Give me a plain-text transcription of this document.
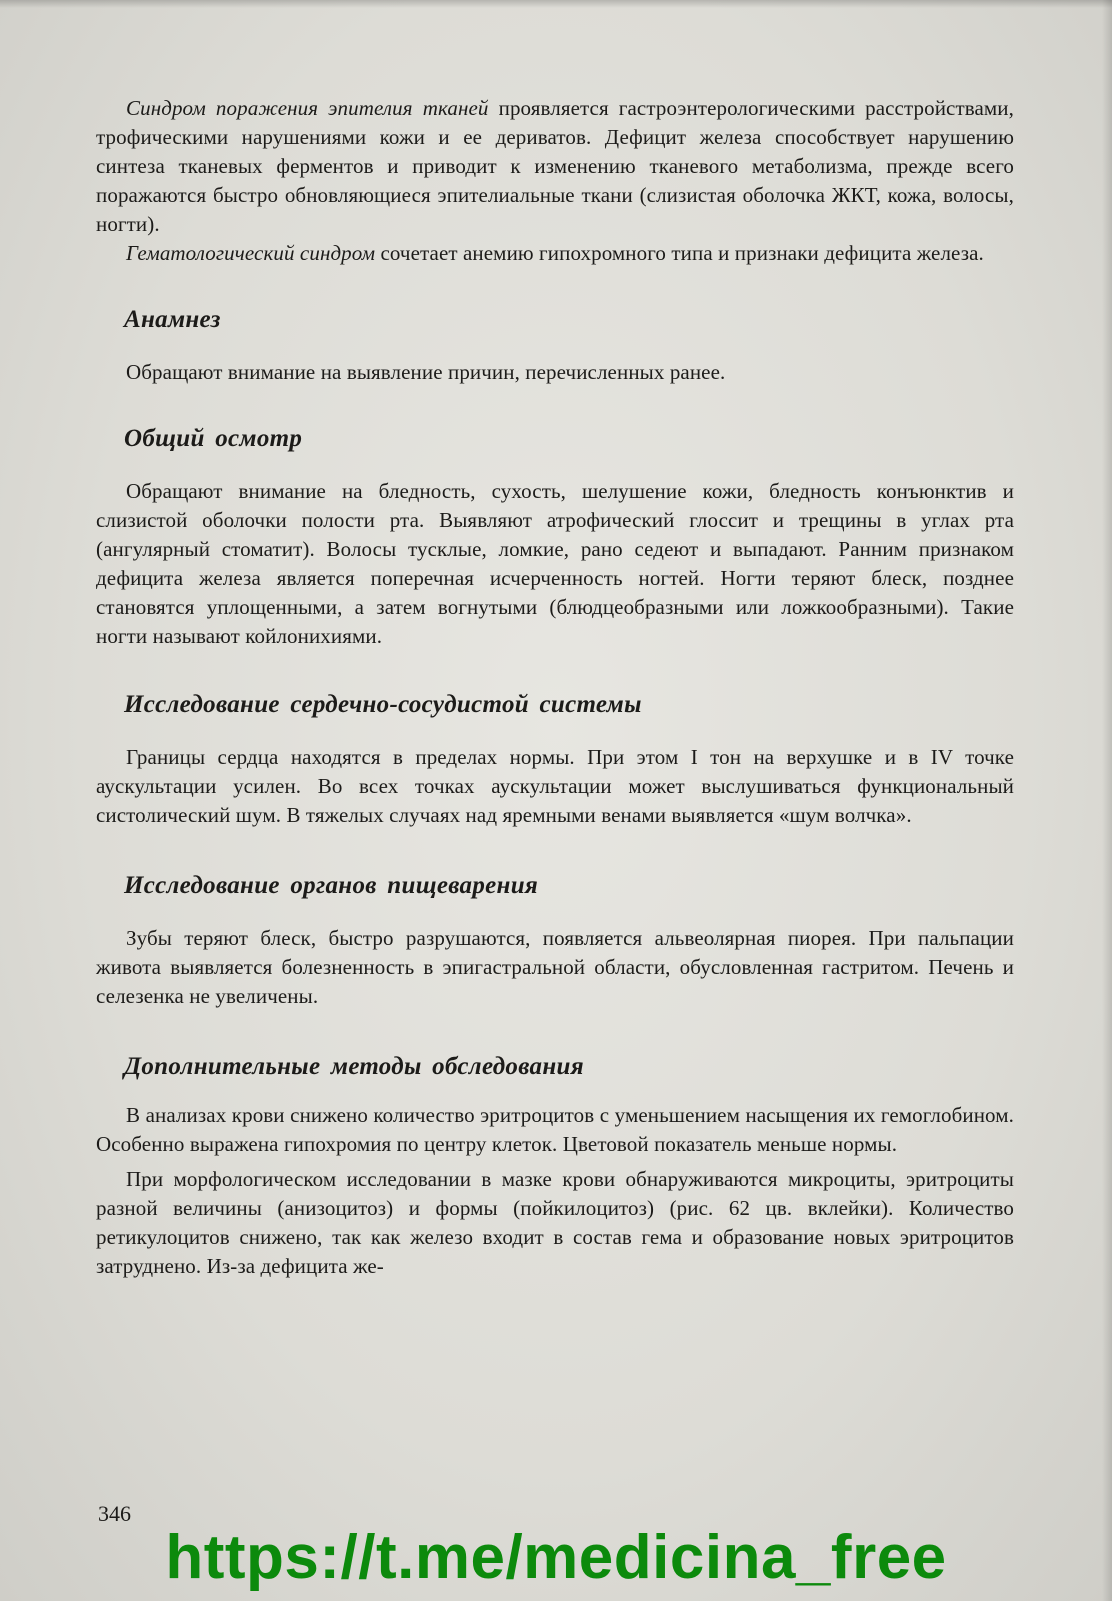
Синдром поражения эпителия тканей проявляется гастроэнтерологическими расстройствами, трофическими нарушениями кожи и ее дериватов. Дефицит железа способствует нарушению синтеза тканевых ферментов и приводит к изменению тканевого метаболизма, прежде всего поражаются быстро обновляющиеся эпителиальные ткани (слизистая оболочка ЖКТ, кожа, волосы, ногти).

Гематологический синдром сочетает анемию гипохромного типа и признаки дефицита железа.

Анамнез

Обращают внимание на выявление причин, перечисленных ранее.

Общий осмотр

Обращают внимание на бледность, сухость, шелушение кожи, бледность конъюнктив и слизистой оболочки полости рта. Выявляют атрофический глоссит и трещины в углах рта (ангулярный стоматит). Волосы тусклые, ломкие, рано седеют и выпадают. Ранним признаком дефицита железа является поперечная исчерченность ногтей. Ногти теряют блеск, позднее становятся уплощенными, а затем вогнутыми (блюдцеобразными или ложкообразными). Такие ногти называют койлонихиями.

Исследование сердечно-сосудистой системы

Границы сердца находятся в пределах нормы. При этом I тон на верхушке и в IV точке аускультации усилен. Во всех точках аускультации может выслушиваться функциональный систолический шум. В тяжелых случаях над яремными венами выявляется «шум волчка».

Исследование органов пищеварения

Зубы теряют блеск, быстро разрушаются, появляется альвеолярная пиорея. При пальпации живота выявляется болезненность в эпигастральной области, обусловленная гастритом. Печень и селезенка не увеличены.

Дополнительные методы обследования

В анализах крови снижено количество эритроцитов с уменьшением насыщения их гемоглобином. Особенно выражена гипохромия по центру клеток. Цветовой показатель меньше нормы.

При морфологическом исследовании в мазке крови обнаруживаются микроциты, эритроциты разной величины (анизоцитоз) и формы (пойкилоцитоз) (рис. 62 цв. вклейки). Количество ретикулоцитов снижено, так как железо входит в состав гема и образование новых эритроцитов затруднено. Из-за дефицита же-

346
https://t.me/medicina_free
